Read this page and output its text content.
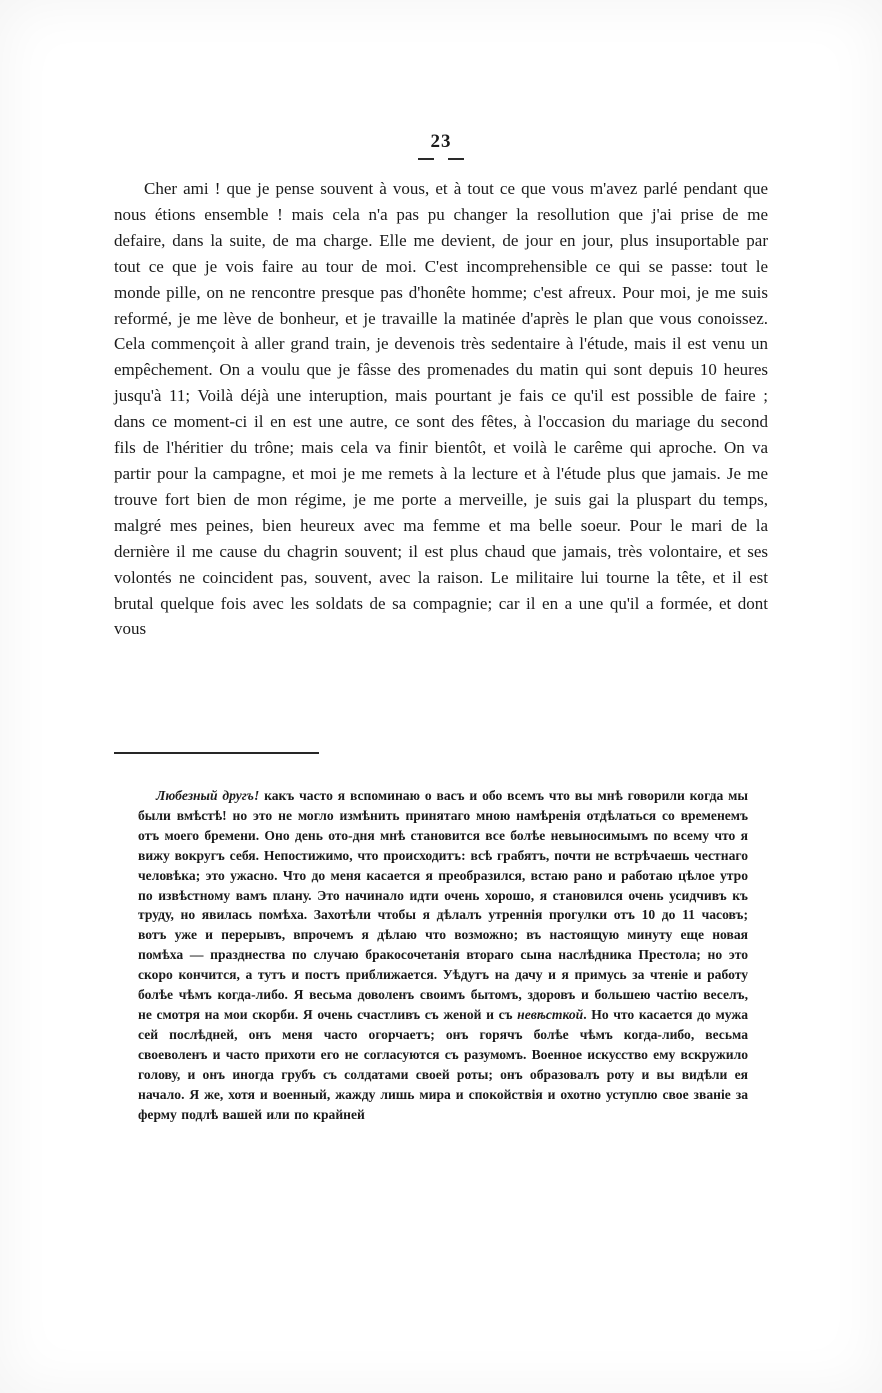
23
Cher ami ! que je pense souvent à vous, et à tout ce que vous m'avez parlé pendant que nous étions ensemble ! mais cela n'a pas pu changer la resollution que j'ai prise de me defaire, dans la suite, de ma charge. Elle me devient, de jour en jour, plus insuportable par tout ce que je vois faire au tour de moi. C'est incomprehensible ce qui se passe: tout le monde pille, on ne rencontre presque pas d'honête homme; c'est afreux. Pour moi, je me suis reformé, je me lève de bonheur, et je travaille la matinée d'après le plan que vous conoissez. Cela commençoit à aller grand train, je devenois très sedentaire à l'étude, mais il est venu un empêchement. On a voulu que je fâsse des promenades du matin qui sont depuis 10 heures jusqu'à 11; Voilà déjà une interuption, mais pourtant je fais ce qu'il est possible de faire ; dans ce moment-ci il en est une autre, ce sont des fêtes, à l'occasion du mariage du second fils de l'héritier du trône; mais cela va finir bientôt, et voilà le carême qui aproche. On va partir pour la campagne, et moi je me remets à la lecture et à l'étude plus que jamais. Je me trouve fort bien de mon régime, je me porte a merveille, je suis gai la pluspart du temps, malgré mes peines, bien heureux avec ma femme et ma belle soeur. Pour le mari de la dernière il me cause du chagrin souvent; il est plus chaud que jamais, très volontaire, et ses volontés ne coincident pas, souvent, avec la raison. Le militaire lui tourne la tête, et il est brutal quelque fois avec les soldats de sa compagnie; car il en a une qu'il a formée, et dont vous
Любезный другъ! какъ часто я вспоминаю о васъ и обо всемъ что вы мнѣ говорили когда мы были вмѣстѣ! но это не могло измѣнить принятаго мною намѣренія отдѣлаться со временемъ отъ моего бремени. Оно день ото-дня мнѣ становится все болѣе невыносимымъ по всему что я вижу вокругъ себя. Непостижимо, что происходитъ: всѣ грабятъ, почти не встрѣчаешь честнаго человѣка; это ужасно. Что до меня касается я преобразился, встаю рано и работаю цѣлое утро по извѣстному вамъ плану. Это начинало идти очень хорошо, я становился очень усидчивъ къ труду, но явилась помѣха. Захотѣли чтобы я дѣлалъ утреннія прогулки отъ 10 до 11 часовъ; вотъ уже и перерывъ, впрочемъ я дѣлаю что возможно; въ настоящую минуту еще новая помѣха — празднества по случаю бракосочетанія втораго сына наслѣдника Престола; но это скоро кончится, а тутъ и постъ приближается. Уѣдутъ на дачу и я примусь за чтеніе и работу болѣе чѣмъ когда-либо. Я весьма доволенъ своимъ бытомъ, здоровъ и большею частію веселъ, не смотря на мои скорби. Я очень счастливъ съ женой и съ невѣсткой. Но что касается до мужа сей послѣдней, онъ меня часто огорчаетъ; онъ горячъ болѣе чѣмъ когда-либо, весьма своеволенъ и часто прихоти его не согласуются съ разумомъ. Военное искусство ему вскружило голову, и онъ иногда грубъ съ солдатами своей роты; онъ образовалъ роту и вы видѣли ея начало. Я же, хотя и военный, жажду лишь мира и спокойствія и охотно уступлю свое званіе за ферму подлѣ вашей или по крайней
